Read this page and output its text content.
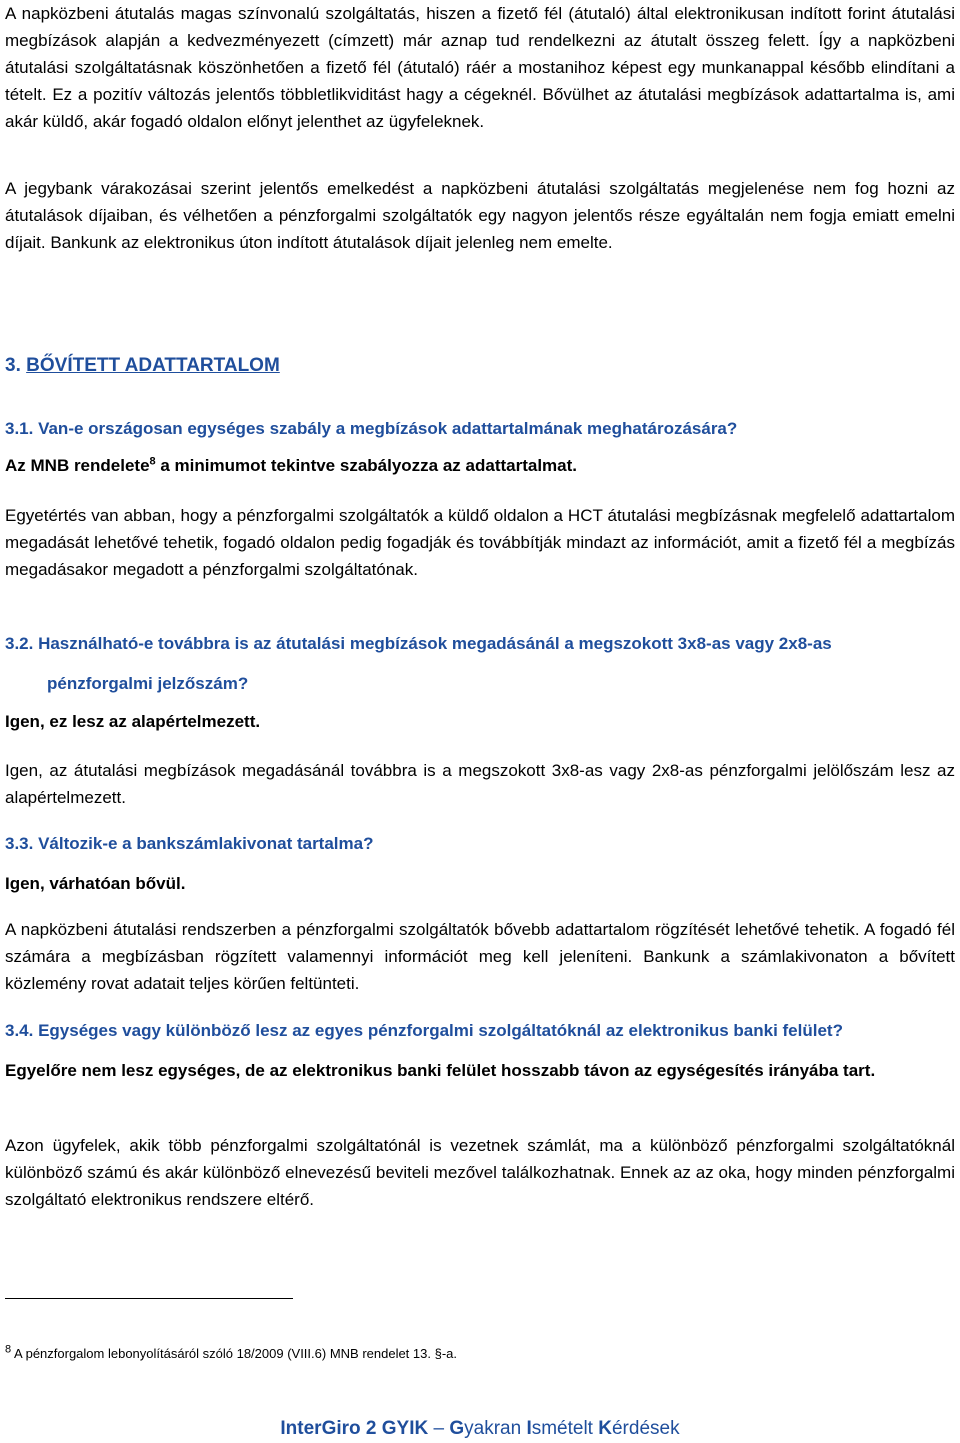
A napközbeni átutalás magas színvonalú szolgáltatás, hiszen a fizető fél (átutaló) által elektronikusan indított forint átutalási megbízások alapján a kedvezményezett (címzett) már aznap tud rendelkezni az átutalt összeg felett. Így a napközbeni átutalási szolgáltatásnak köszönhetően a fizető fél (átutaló) ráér a mostanihoz képest egy munkanappal később elindítani a tételt. Ez a pozitív változás jelentős többletlikviditást hagy a cégeknél. Bővülhet az átutalási megbízások adattartalma is, ami akár küldő, akár fogadó oldalon előnyt jelenthet az ügyfeleknek.

A jegybank várakozásai szerint jelentős emelkedést a napközbeni átutalási szolgáltatás megjelenése nem fog hozni az átutalások díjaiban, és vélhetően a pénzforgalmi szolgáltatók egy nagyon jelentős része egyáltalán nem fogja emiatt emelni díjait. Bankunk az elektronikus úton indított átutalások díjait jelenleg nem emelte.

3. BŐVÍTETT ADATTARTALOM

3.1. Van-e országosan egységes szabály a megbízások adattartalmának meghatározására?

Az MNB rendelete$^8$ a minimumot tekintve szabályozza az adattartalmat.

Egyetértés van abban, hogy a pénzforgalmi szolgáltatók a küldő oldalon a HCT átutalási megbízásnak megfelelő adattartalom megadását lehetővé tehetik, fogadó oldalon pedig fogadják és továbbítják mindazt az információt, amit a fizető fél a megbízás megadásakor megadott a pénzforgalmi szolgáltatónak.

3.2. Használható-e továbbra is az átutalási megbízások megadásánál a megszokott 3x8-as vagy 2x8-as

pénzforgalmi jelzőszám?

Igen, ez lesz az alapértelmezett.

Igen, az átutalási megbízások megadásánál továbbra is a megszokott 3x8-as vagy 2x8-as pénzforgalmi jelölőszám lesz az alapértelmezett.

3.3. Változik-e a bankszámlakivonat tartalma?

Igen, várhatóan bővül.

A napközbeni átutalási rendszerben a pénzforgalmi szolgáltatók bővebb adattartalom rögzítését lehetővé tehetik. A fogadó fél számára a megbízásban rögzített valamennyi információt meg kell jeleníteni. Bankunk a számlakivonaton a bővített közlemény rovat adatait teljes körűen feltünteti.

3.4. Egységes vagy különböző lesz az egyes pénzforgalmi szolgáltatóknál az elektronikus banki felület?

Egyelőre nem lesz egységes, de az elektronikus banki felület hosszabb távon az egységesítés irányába tart.

Azon ügyfelek, akik több pénzforgalmi szolgáltatónál is vezetnek számlát, ma a különböző pénzforgalmi szolgáltatóknál különböző számú és akár különböző elnevezésű beviteli mezővel találkozhatnak. Ennek az az oka, hogy minden pénzforgalmi szolgáltató elektronikus rendszere eltérő.

$^8$ A pénzforgalom lebonyolításáról szóló 18/2009 (VIII.6) MNB rendelet 13. §-a.

InterGiro 2 GYIK – Gyakran Ismételt Kérdések
